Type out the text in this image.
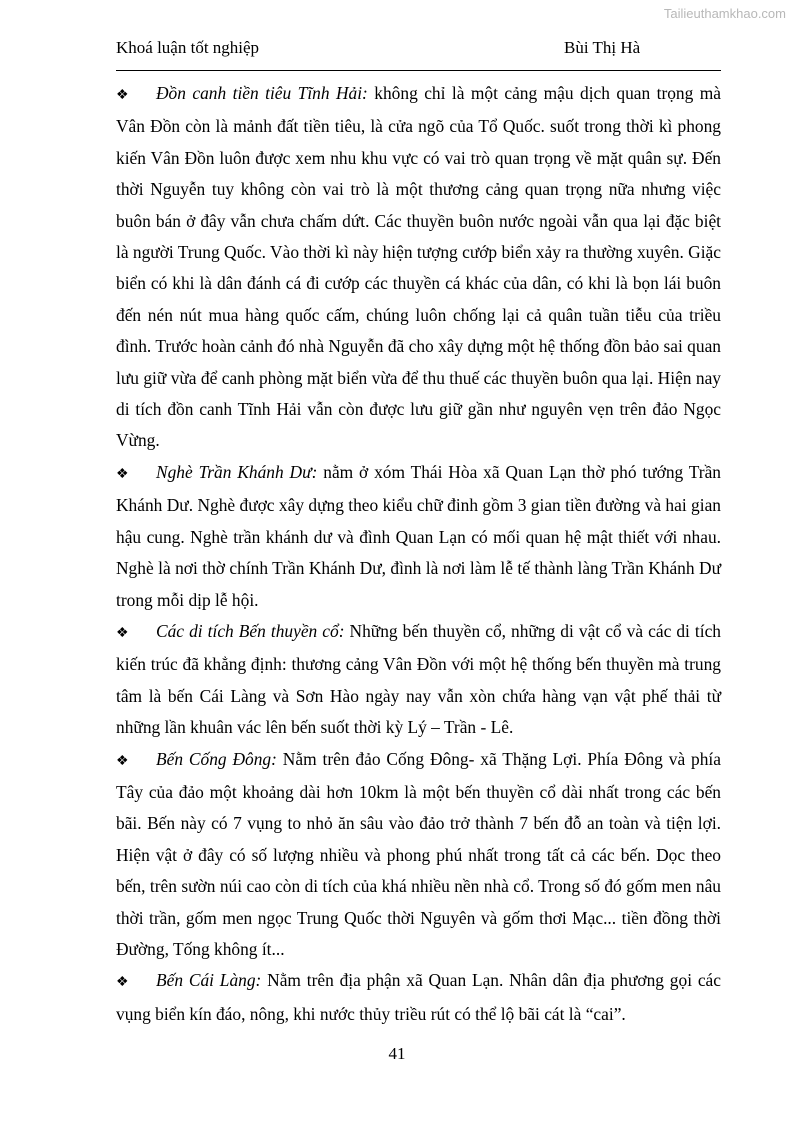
Tailieuthamkhao.com
Khoá luận tốt nghiệp	Bùi Thị Hà

❖ Đồn canh tiền tiêu Tĩnh Hải: không chỉ là một cảng mậu dịch quan trọng mà Vân Đồn còn là mảnh đất tiền tiêu, là cửa ngõ của Tổ Quốc. suốt trong thời kì phong kiến Vân Đồn luôn được xem nhu khu vực có vai trò quan trọng về mặt quân sự. Đến thời Nguyễn tuy không còn vai trò là một thương cảng quan trọng nữa nhưng việc buôn bán ở đây vẫn chưa chấm dứt. Các thuyền buôn nước ngoài vẫn qua lại đặc biệt là người Trung Quốc. Vào thời kì này hiện tượng cướp biển xảy ra thường xuyên. Giặc biển có khi là dân đánh cá đi cướp các thuyền cá khác của dân, có khi là bọn lái buôn đến nén nút mua hàng quốc cấm, chúng luôn chống lại cả quân tuần tiễu của triều đình. Trước hoàn cảnh đó nhà Nguyễn đã cho xây dựng một hệ thống đồn bảo sai quan lưu giữ vừa để canh phòng mặt biển vừa để thu thuế các thuyền buôn qua lại. Hiện nay di tích đồn canh Tĩnh Hải vẫn còn được lưu giữ gần như nguyên vẹn trên đảo Ngọc Vừng.

❖ Nghè Trần Khánh Dư: nằm ở xóm Thái Hòa xã Quan Lạn thờ phó tướng Trần Khánh Dư. Nghè được xây dựng theo kiểu chữ đinh gồm 3 gian tiền đường và hai gian hậu cung. Nghè trần khánh dư và đình Quan Lạn có mối quan hệ mật thiết với nhau. Nghè là nơi thờ chính Trần Khánh Dư, đình là nơi làm lễ tế thành làng Trần Khánh Dư trong mỗi dịp lễ hội.

❖ Các di tích Bến thuyền cổ: Những bến thuyền cổ, những di vật cổ và các di tích kiến trúc đã khẳng định: thương cảng Vân Đồn với một hệ thống bến thuyền mà trung tâm là bến Cái Làng và Sơn Hào ngày nay vẫn xòn chứa hàng vạn vật phế thải từ những lần khuân vác lên bến suốt thời kỳ Lý – Trần - Lê.

❖ Bến Cống Đông: Nằm trên đảo Cống Đông- xã Thặng Lợi. Phía Đông và phía Tây của đảo một khoảng dài hơn 10km là một bến thuyền cổ dài nhất trong các bến bãi. Bến này có 7 vụng to nhỏ ăn sâu vào đảo trở thành 7 bến đỗ an toàn và tiện lợi. Hiện vật ở đây có số lượng nhiều và phong phú nhất trong tất cả các bến. Dọc theo bến, trên sườn núi cao còn di tích của khá nhiều nền nhà cổ. Trong số đó gốm men nâu thời trần, gốm men ngọc Trung Quốc thời Nguyên và gốm thơi Mạc... tiền đồng thời Đường, Tống không ít...

❖ Bến Cái Làng: Nằm trên địa phận xã Quan Lạn. Nhân dân địa phương gọi các vụng biển kín đáo, nông, khi nước thủy triều rút có thể lộ bãi cát là “cai”.

41
